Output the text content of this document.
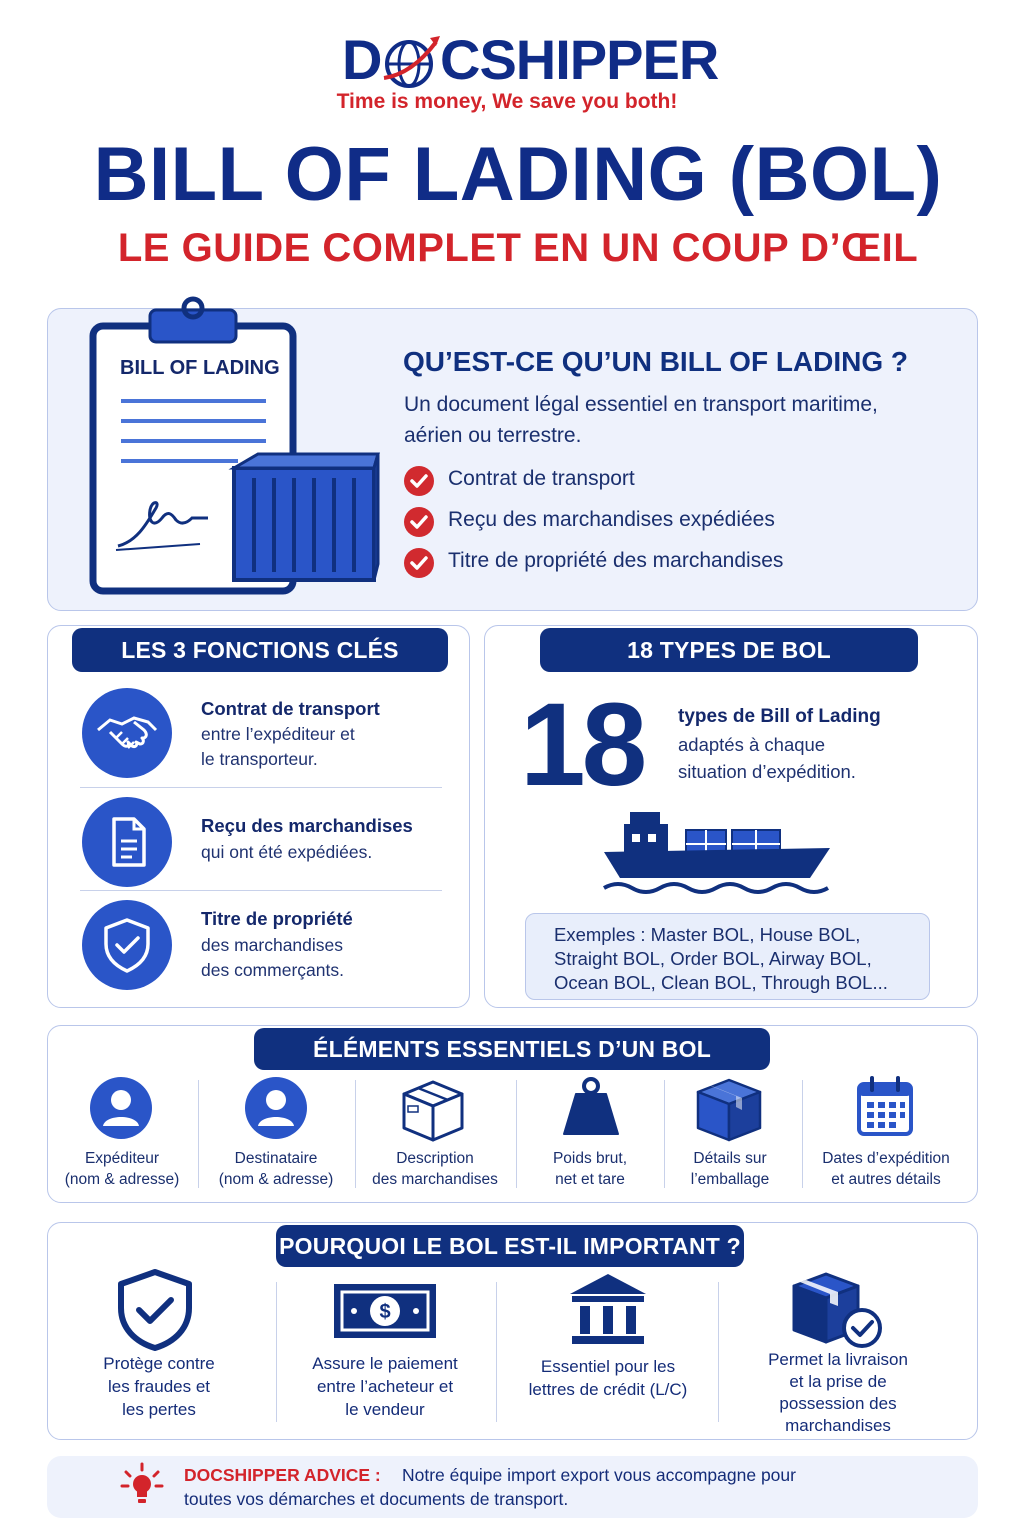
D CSHIPPER
Time is money, We save you both!
BILL OF LADING (BOL)
LE GUIDE COMPLET EN UN COUP D’ŒIL
BILL OF LADING	QU’EST-CE QU’UN BILL OF LADING ?
Un document légal essentiel en transport maritime,
aérien ou terrestre.
Contrat de transport
Reçu des marchandises expédiées
Titre de propriété des marchandises
LES 3 FONCTIONS CLÉS
Contrat de transport
entre l’expéditeur et
le transporteur.
Reçu des marchandises
qui ont été expédiées.
Titre de propriété
des marchandises
des commerçants.
18 TYPES DE BOL
18 types de Bill of Lading
adaptés à chaque
situation d’expédition.
Exemples : Master BOL, House BOL,
Straight BOL, Order BOL, Airway BOL,
Ocean BOL, Clean BOL, Through BOL...
ÉLÉMENTS ESSENTIELS D’UN BOL
Expéditeur
(nom & adresse)
Destinataire
(nom & adresse)
Description
des marchandises
Poids brut,
net et tare
Détails sur
l’emballage
Dates d’expédition
et autres détails
POURQUOI LE BOL EST-IL IMPORTANT ?
Protège contre
les fraudes et
les pertes
$
Assure le paiement
entre l’acheteur et
le vendeur
Essentiel pour les
lettres de crédit (L/C)
Permet la livraison
et la prise de
possession des
marchandises
DOCSHIPPER ADVICE : Notre équipe import export vous accompagne pour
toutes vos démarches et documents de transport.
